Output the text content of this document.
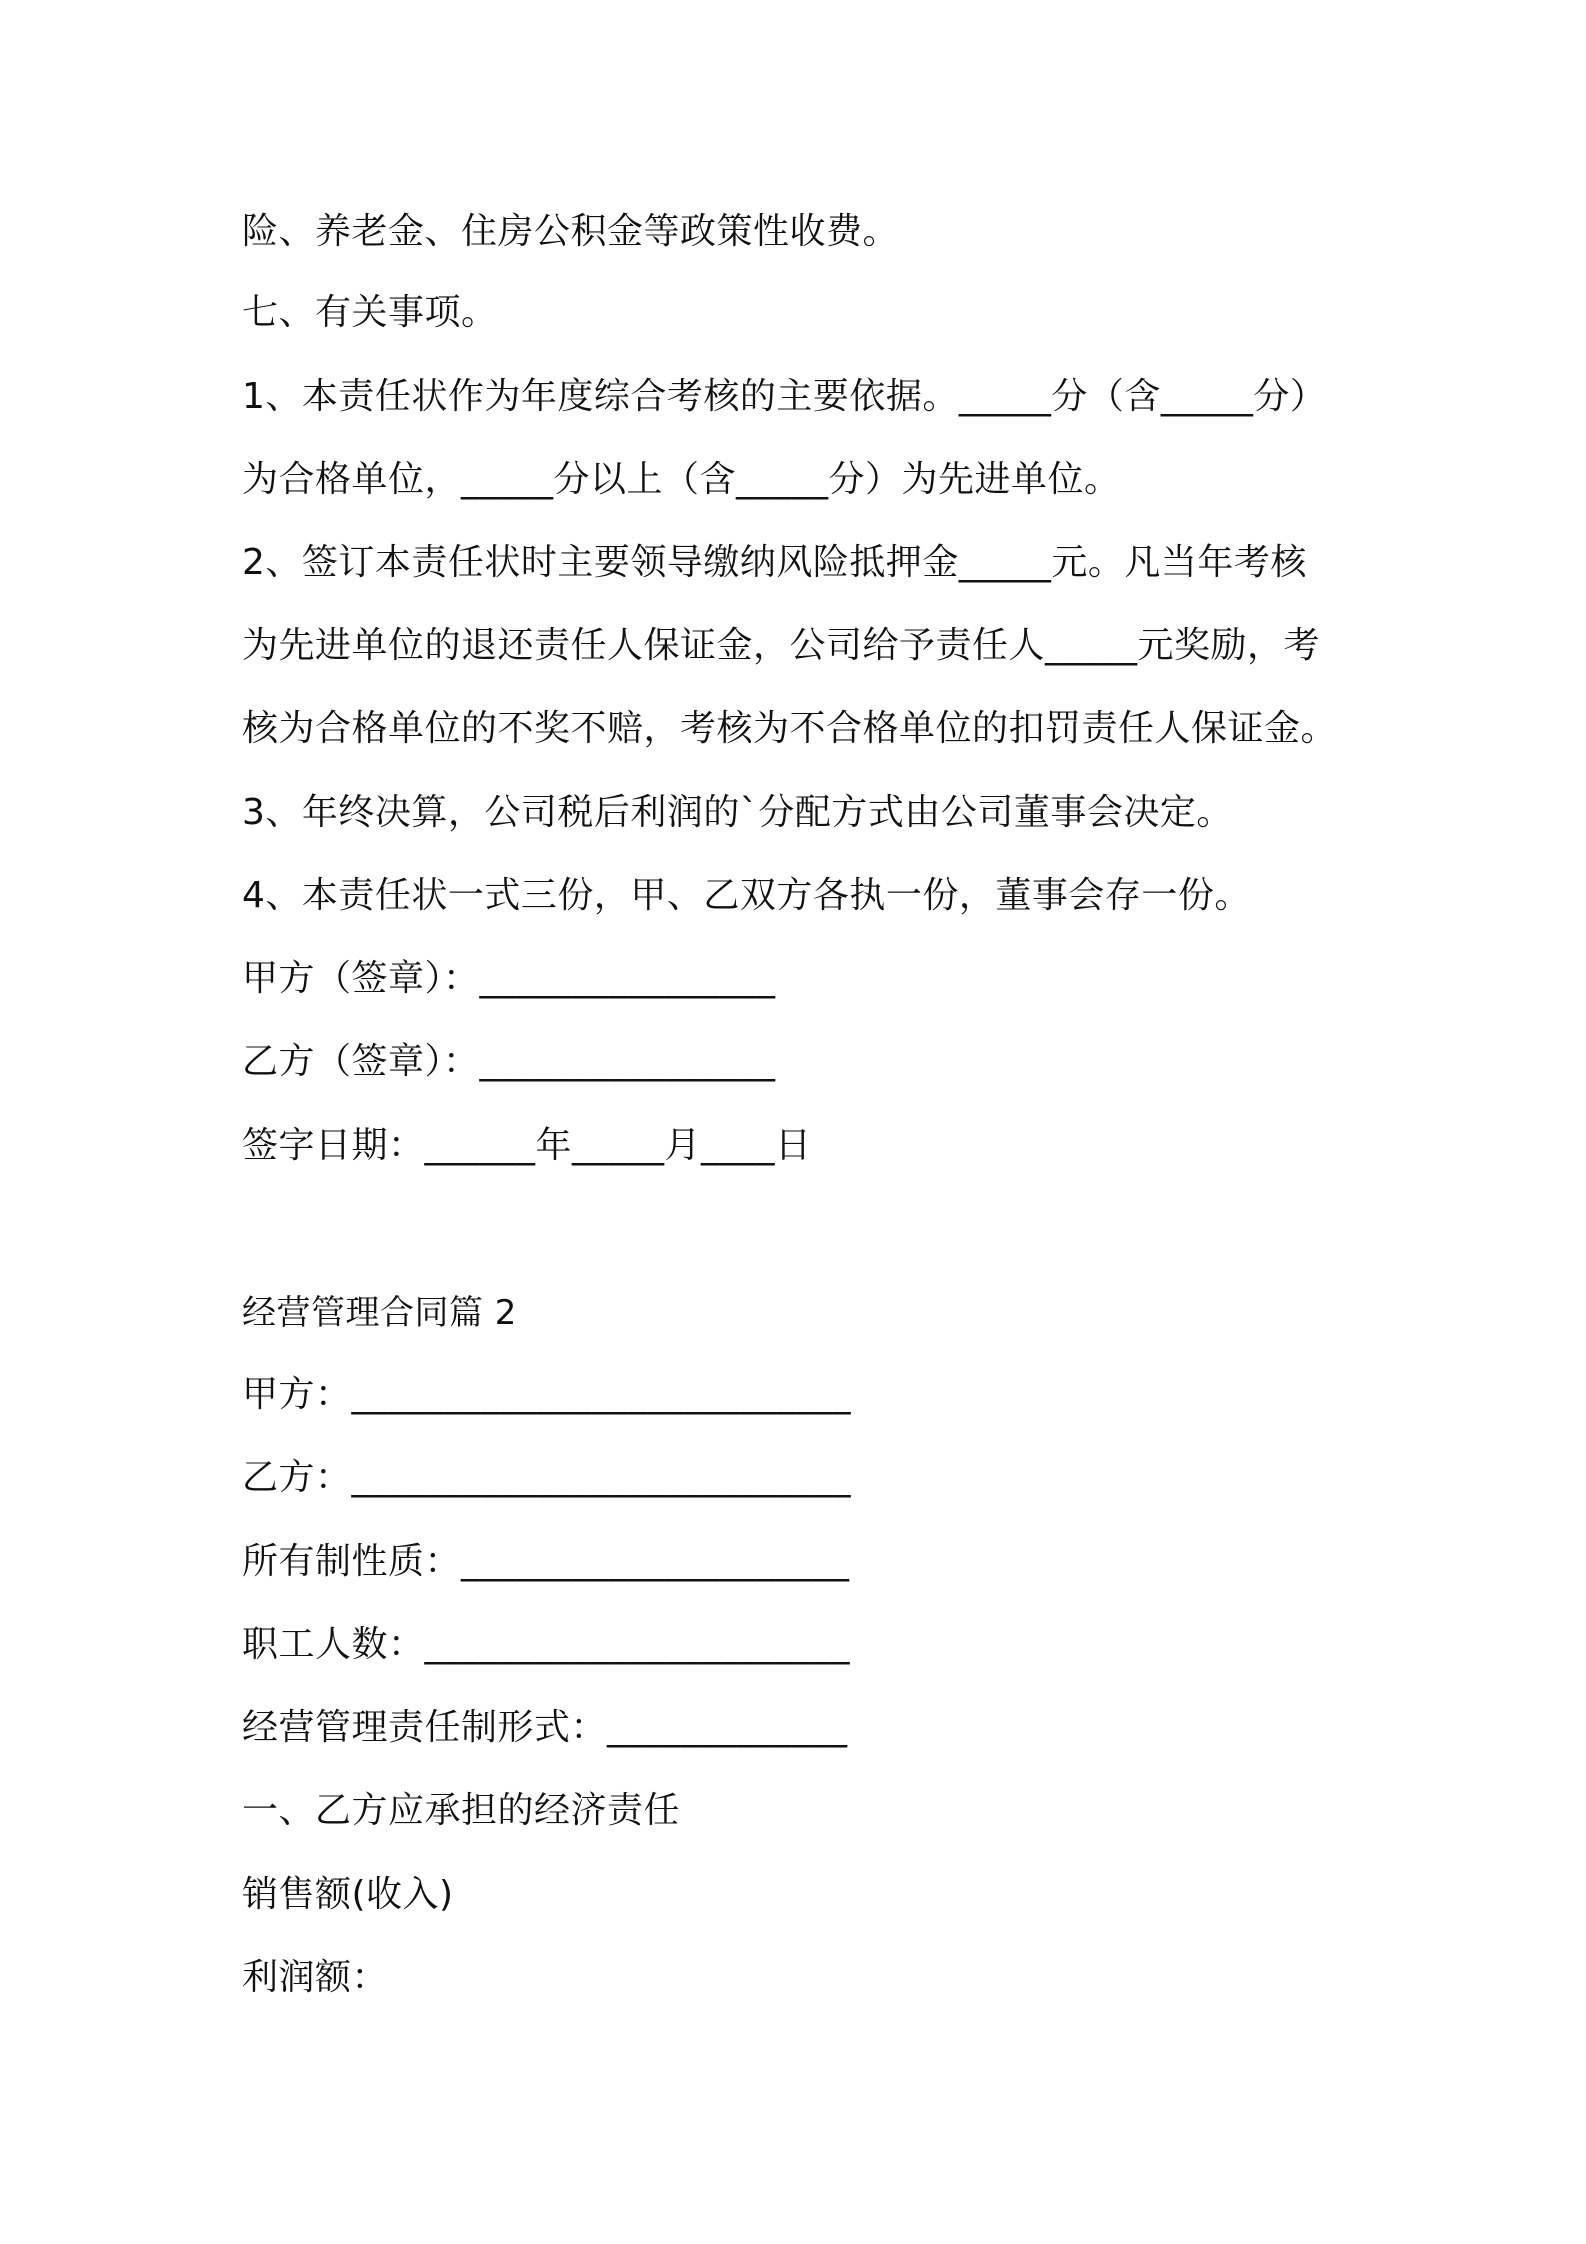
险、养老金、住房公积金等政策性收费。
七、有关事项。
1、本责任状作为年度综合考核的主要依据。_____分（含_____分）
为合格单位，_____分以上（含_____分）为先进单位。
2、签订本责任状时主要领导缴纳风险抵押金_____元。凡当年考核
为先进单位的退还责任人保证金，公司给予责任人_____元奖励，考
核为合格单位的不奖不赔，考核为不合格单位的扣罚责任人保证金。
3、年终决算，公司税后利润的`分配方式由公司董事会决定。
4、本责任状一式三份，甲、乙双方各执一份，董事会存一份。
甲方（签章）：________________
乙方（签章）：________________
签字日期：______年_____月____日
经营管理合同篇 2
甲方：___________________________
乙方：___________________________
所有制性质：_____________________
职工人数：_______________________
经营管理责任制形式：_____________
一、乙方应承担的经济责任
销售额(收入)
利润额：
